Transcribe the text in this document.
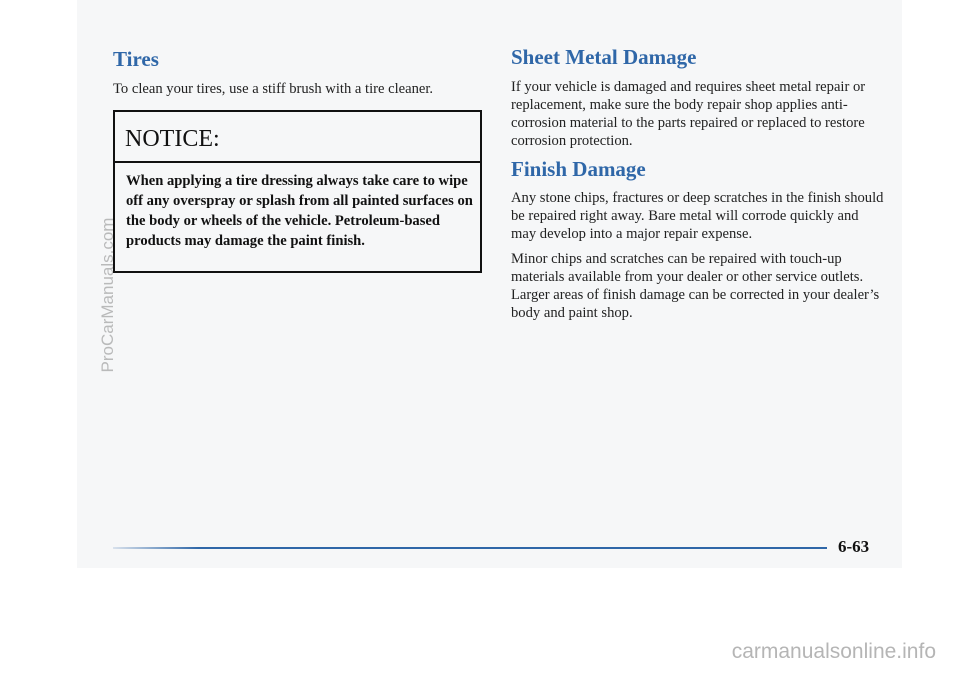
Tires

To clean your tires, use a stiff brush with a tire cleaner.

NOTICE:

When applying a tire dressing always take care to wipe off any overspray or splash from all painted surfaces on the body or wheels of the vehicle. Petroleum-based products may damage the paint finish.

Sheet Metal Damage

If your vehicle is damaged and requires sheet metal repair or replacement, make sure the body repair shop applies anti-corrosion material to the parts repaired or replaced to restore corrosion protection.

Finish Damage

Any stone chips, fractures or deep scratches in the finish should be repaired right away. Bare metal will corrode quickly and may develop into a major repair expense.

Minor chips and scratches can be repaired with touch-up materials available from your dealer or other service outlets. Larger areas of finish damage can be corrected in your dealer’s body and paint shop.

6-63

ProCarManuals.com
carmanualsonline.info
